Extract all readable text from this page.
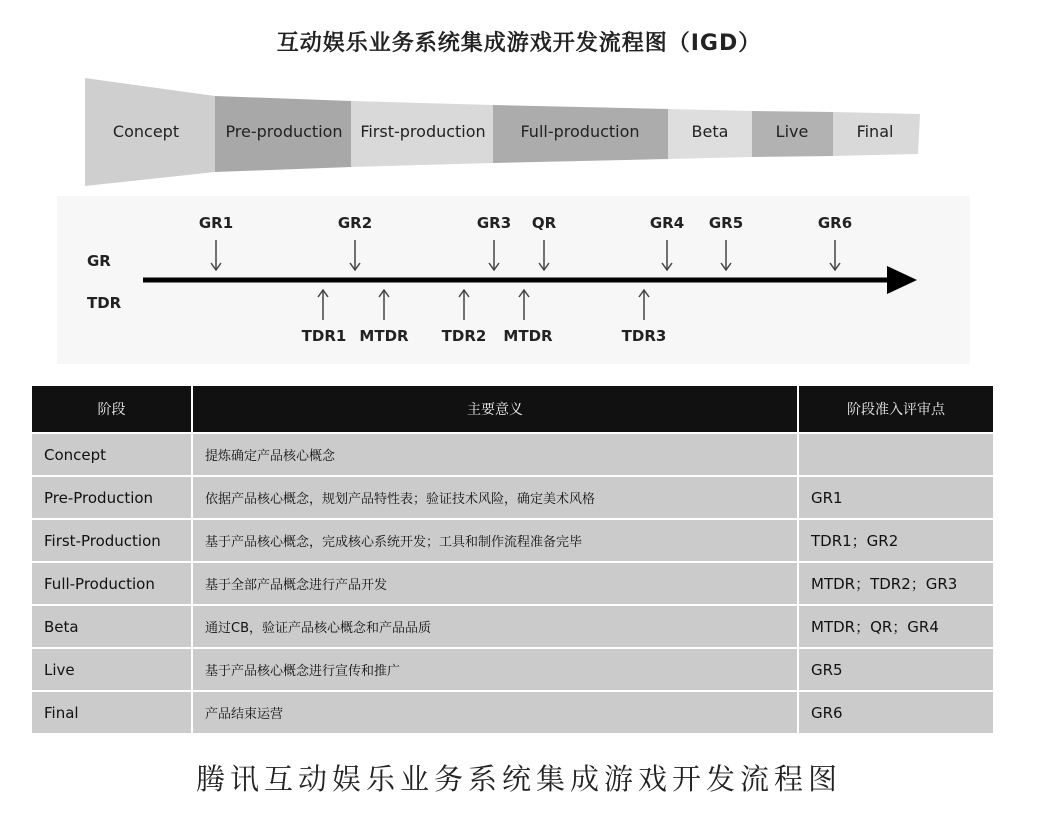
互动娱乐业务系统集成游戏开发流程图（IGD）
Concept	Pre-production First-production Full-production	Beta	Live	Final
GR
TDR
GR1	GR2	GR3 QR	GR4 GR5	GR6
TDR1 MTDR TDR2 MTDR	TDR3
阶段	主要意义	阶段准入评审点
Concept	提炼确定产品核心概念	
Pre-Production	依据产品核心概念，规划产品特性表；验证技术风险，确定美术风格	GR1
First-Production	基于产品核心概念，完成核心系统开发；工具和制作流程准备完毕	TDR1；GR2
Full-Production	基于全部产品概念进行产品开发	MTDR；TDR2；GR3
Beta	通过CB，验证产品核心概念和产品品质	MTDR；QR；GR4
Live	基于产品核心概念进行宣传和推广	GR5
Final	产品结束运营	GR6
腾讯互动娱乐业务系统集成游戏开发流程图
